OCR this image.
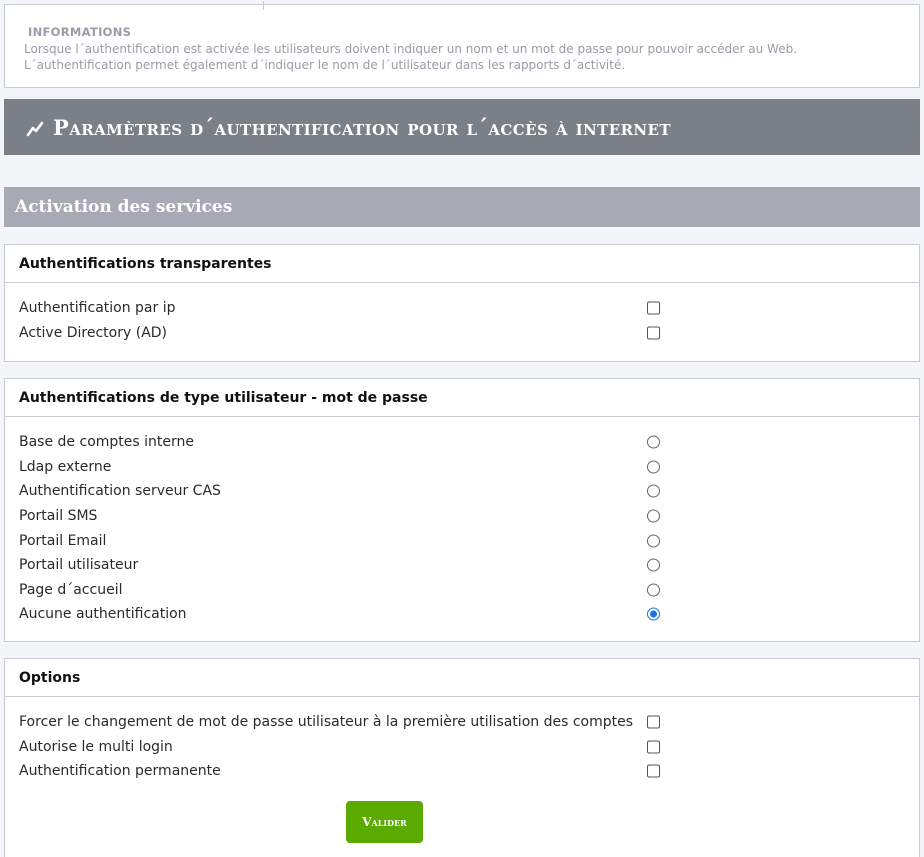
INFORMATIONS
Lorsque l´authentification est activée les utilisateurs doivent indiquer un nom et un mot de passe pour pouvoir accéder au Web.
L´authentification permet également d´indiquer le nom de l´utilisateur dans les rapports d´activité.
Paramètres d´authentification pour l´accès à internet
Activation des services
Authentifications transparentes
Authentification par ip
Active Directory (AD)
Authentifications de type utilisateur - mot de passe
Base de comptes interne
Ldap externe
Authentification serveur CAS
Portail SMS
Portail Email
Portail utilisateur
Page d´accueil
Aucune authentification
Options
Forcer le changement de mot de passe utilisateur à la première utilisation des comptes
Autorise le multi login
Authentification permanente
Valider
